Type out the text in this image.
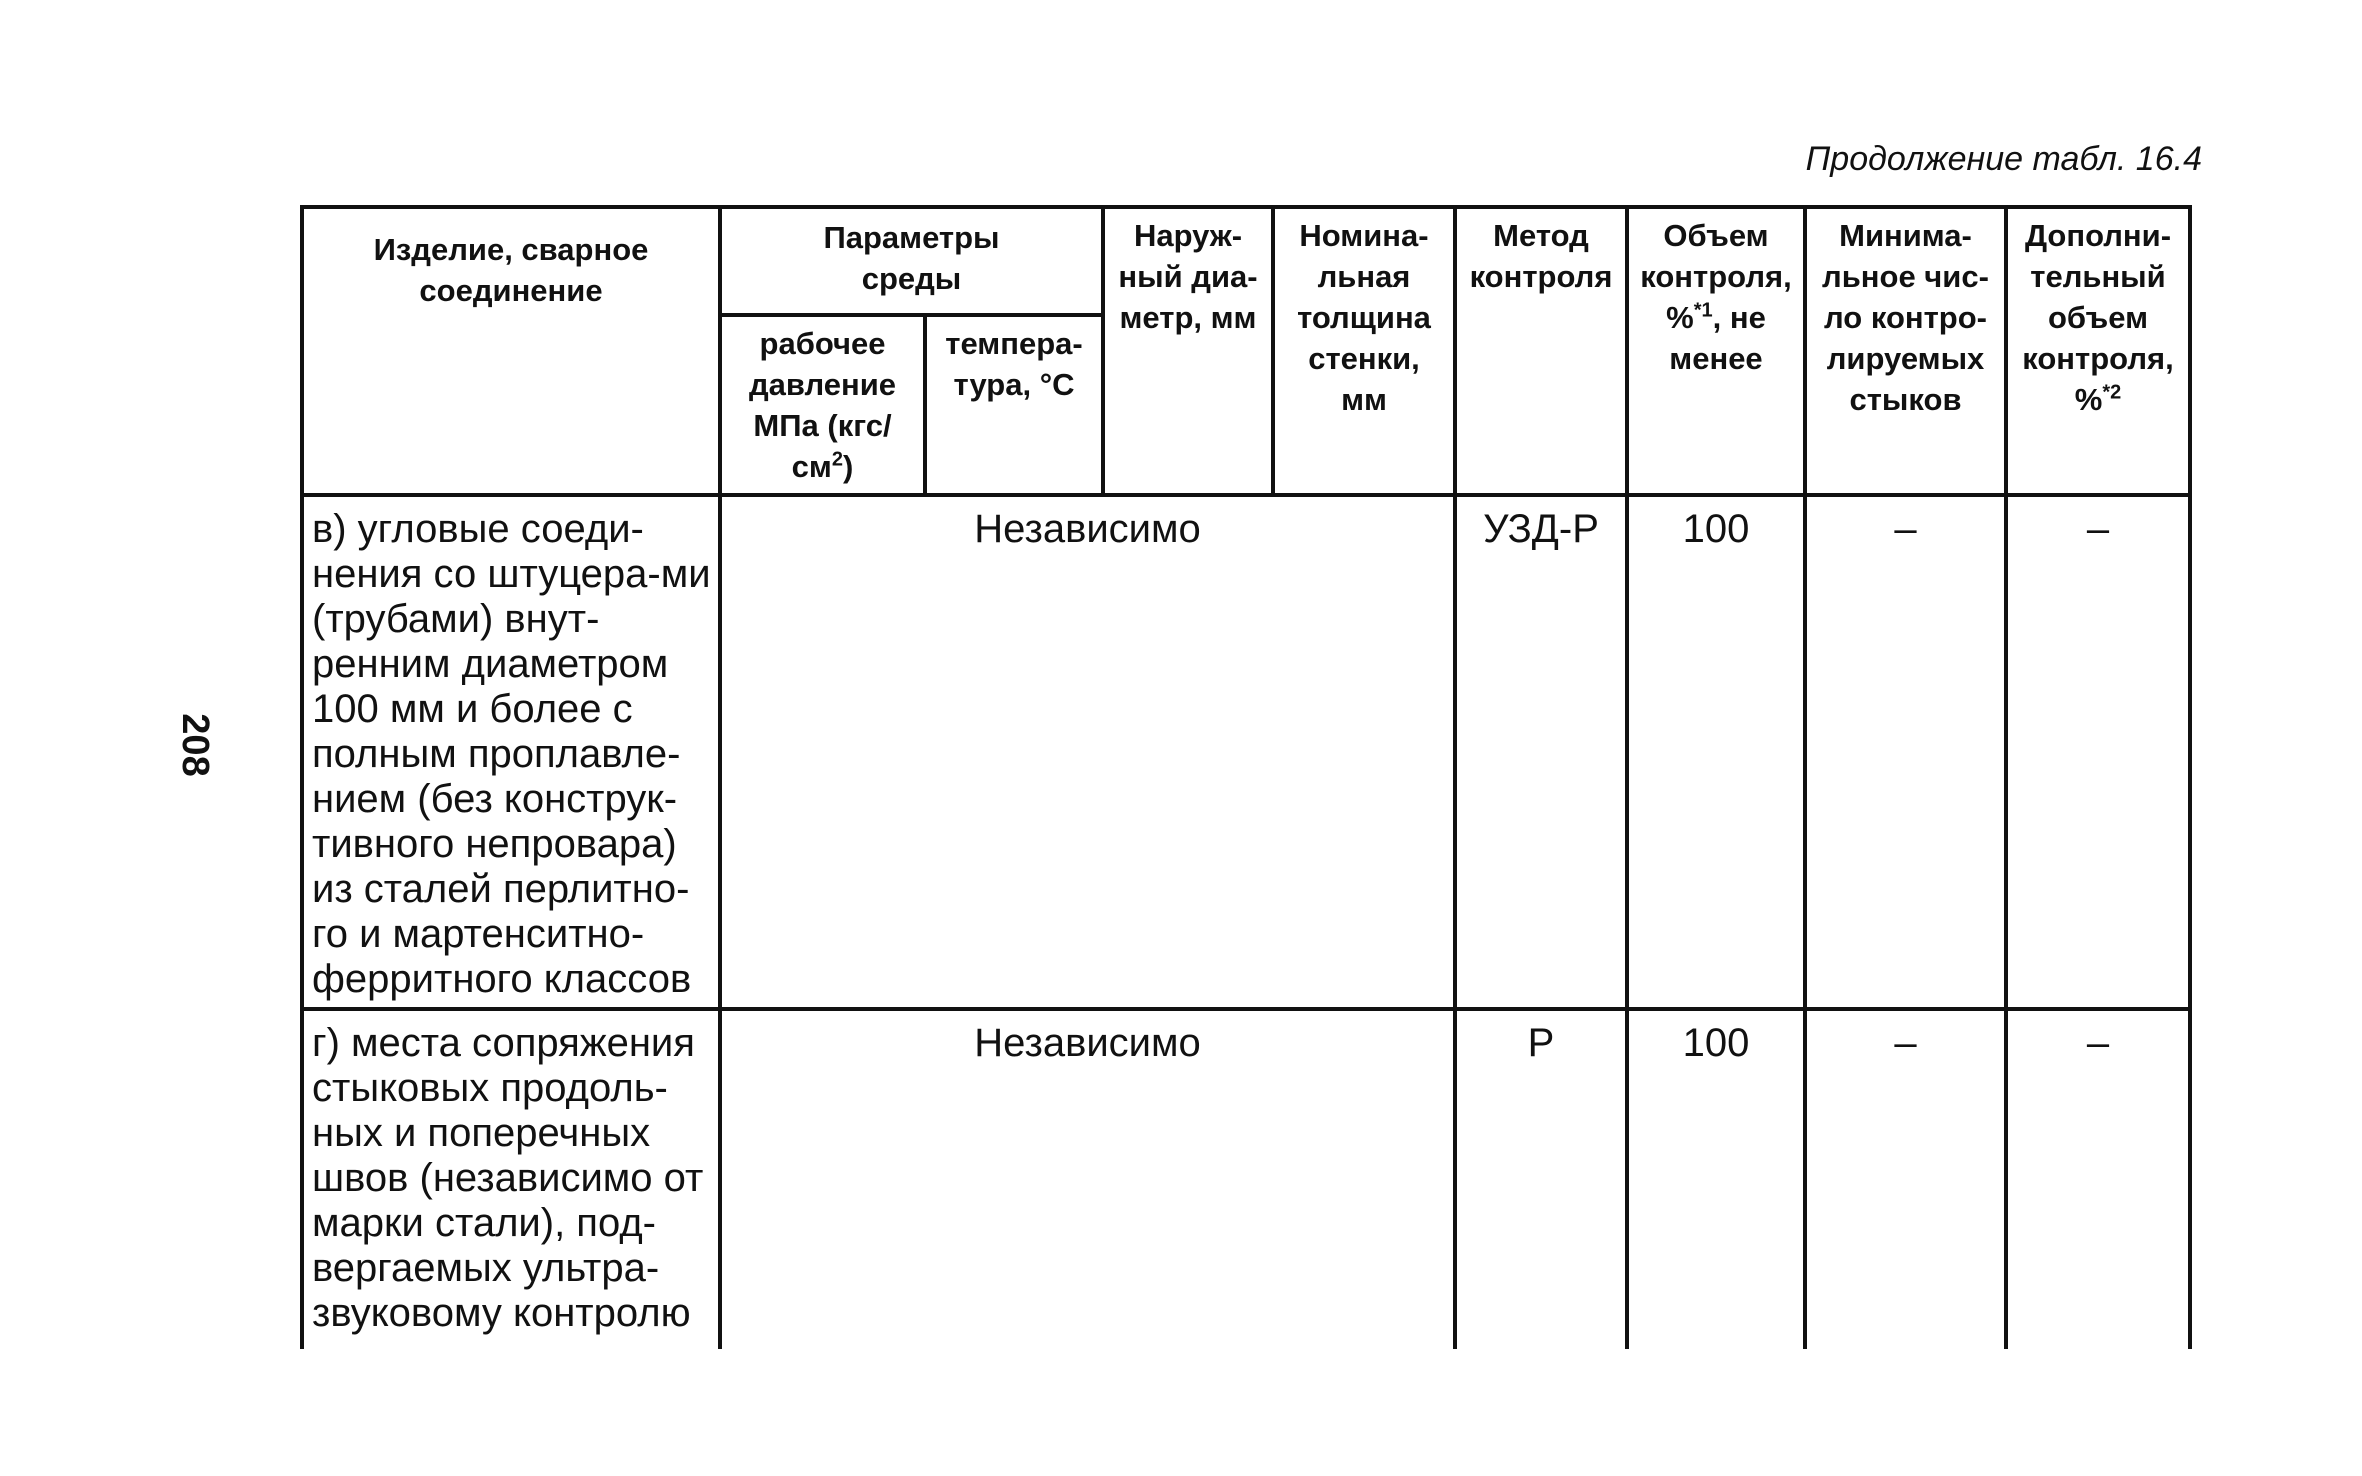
Продолжение табл. 16.4
208
Изделие, сварное соединение	Параметры среды		Наруж-ный диа-метр, мм	Номина-льная толщина стенки, мм	Метод контроля	Объем контроля, %$^{*1}$, не менее	Минима-льное чис-ло контро-лируемых стыков	Дополни-тельный объем контроля, %$^{*2}$
	рабочее давление МПа $(кгс/см^2)$	темпера-тура, °С						
в) угловые соеди-нения со штуцера-ми (трубами) внут-ренним диаметром 100 мм и более с полным проплавле-нием (без конструк-тивного непровара) из сталей перлитно-го и мартенситно-ферритного классов	Независимо				УЗД-Р	100	–	–
г) места сопряжения стыковых продоль-ных и поперечных швов (независимо от марки стали), под-вергаемых ультра-звуковому контролю	Независимо				Р	100	–	–
